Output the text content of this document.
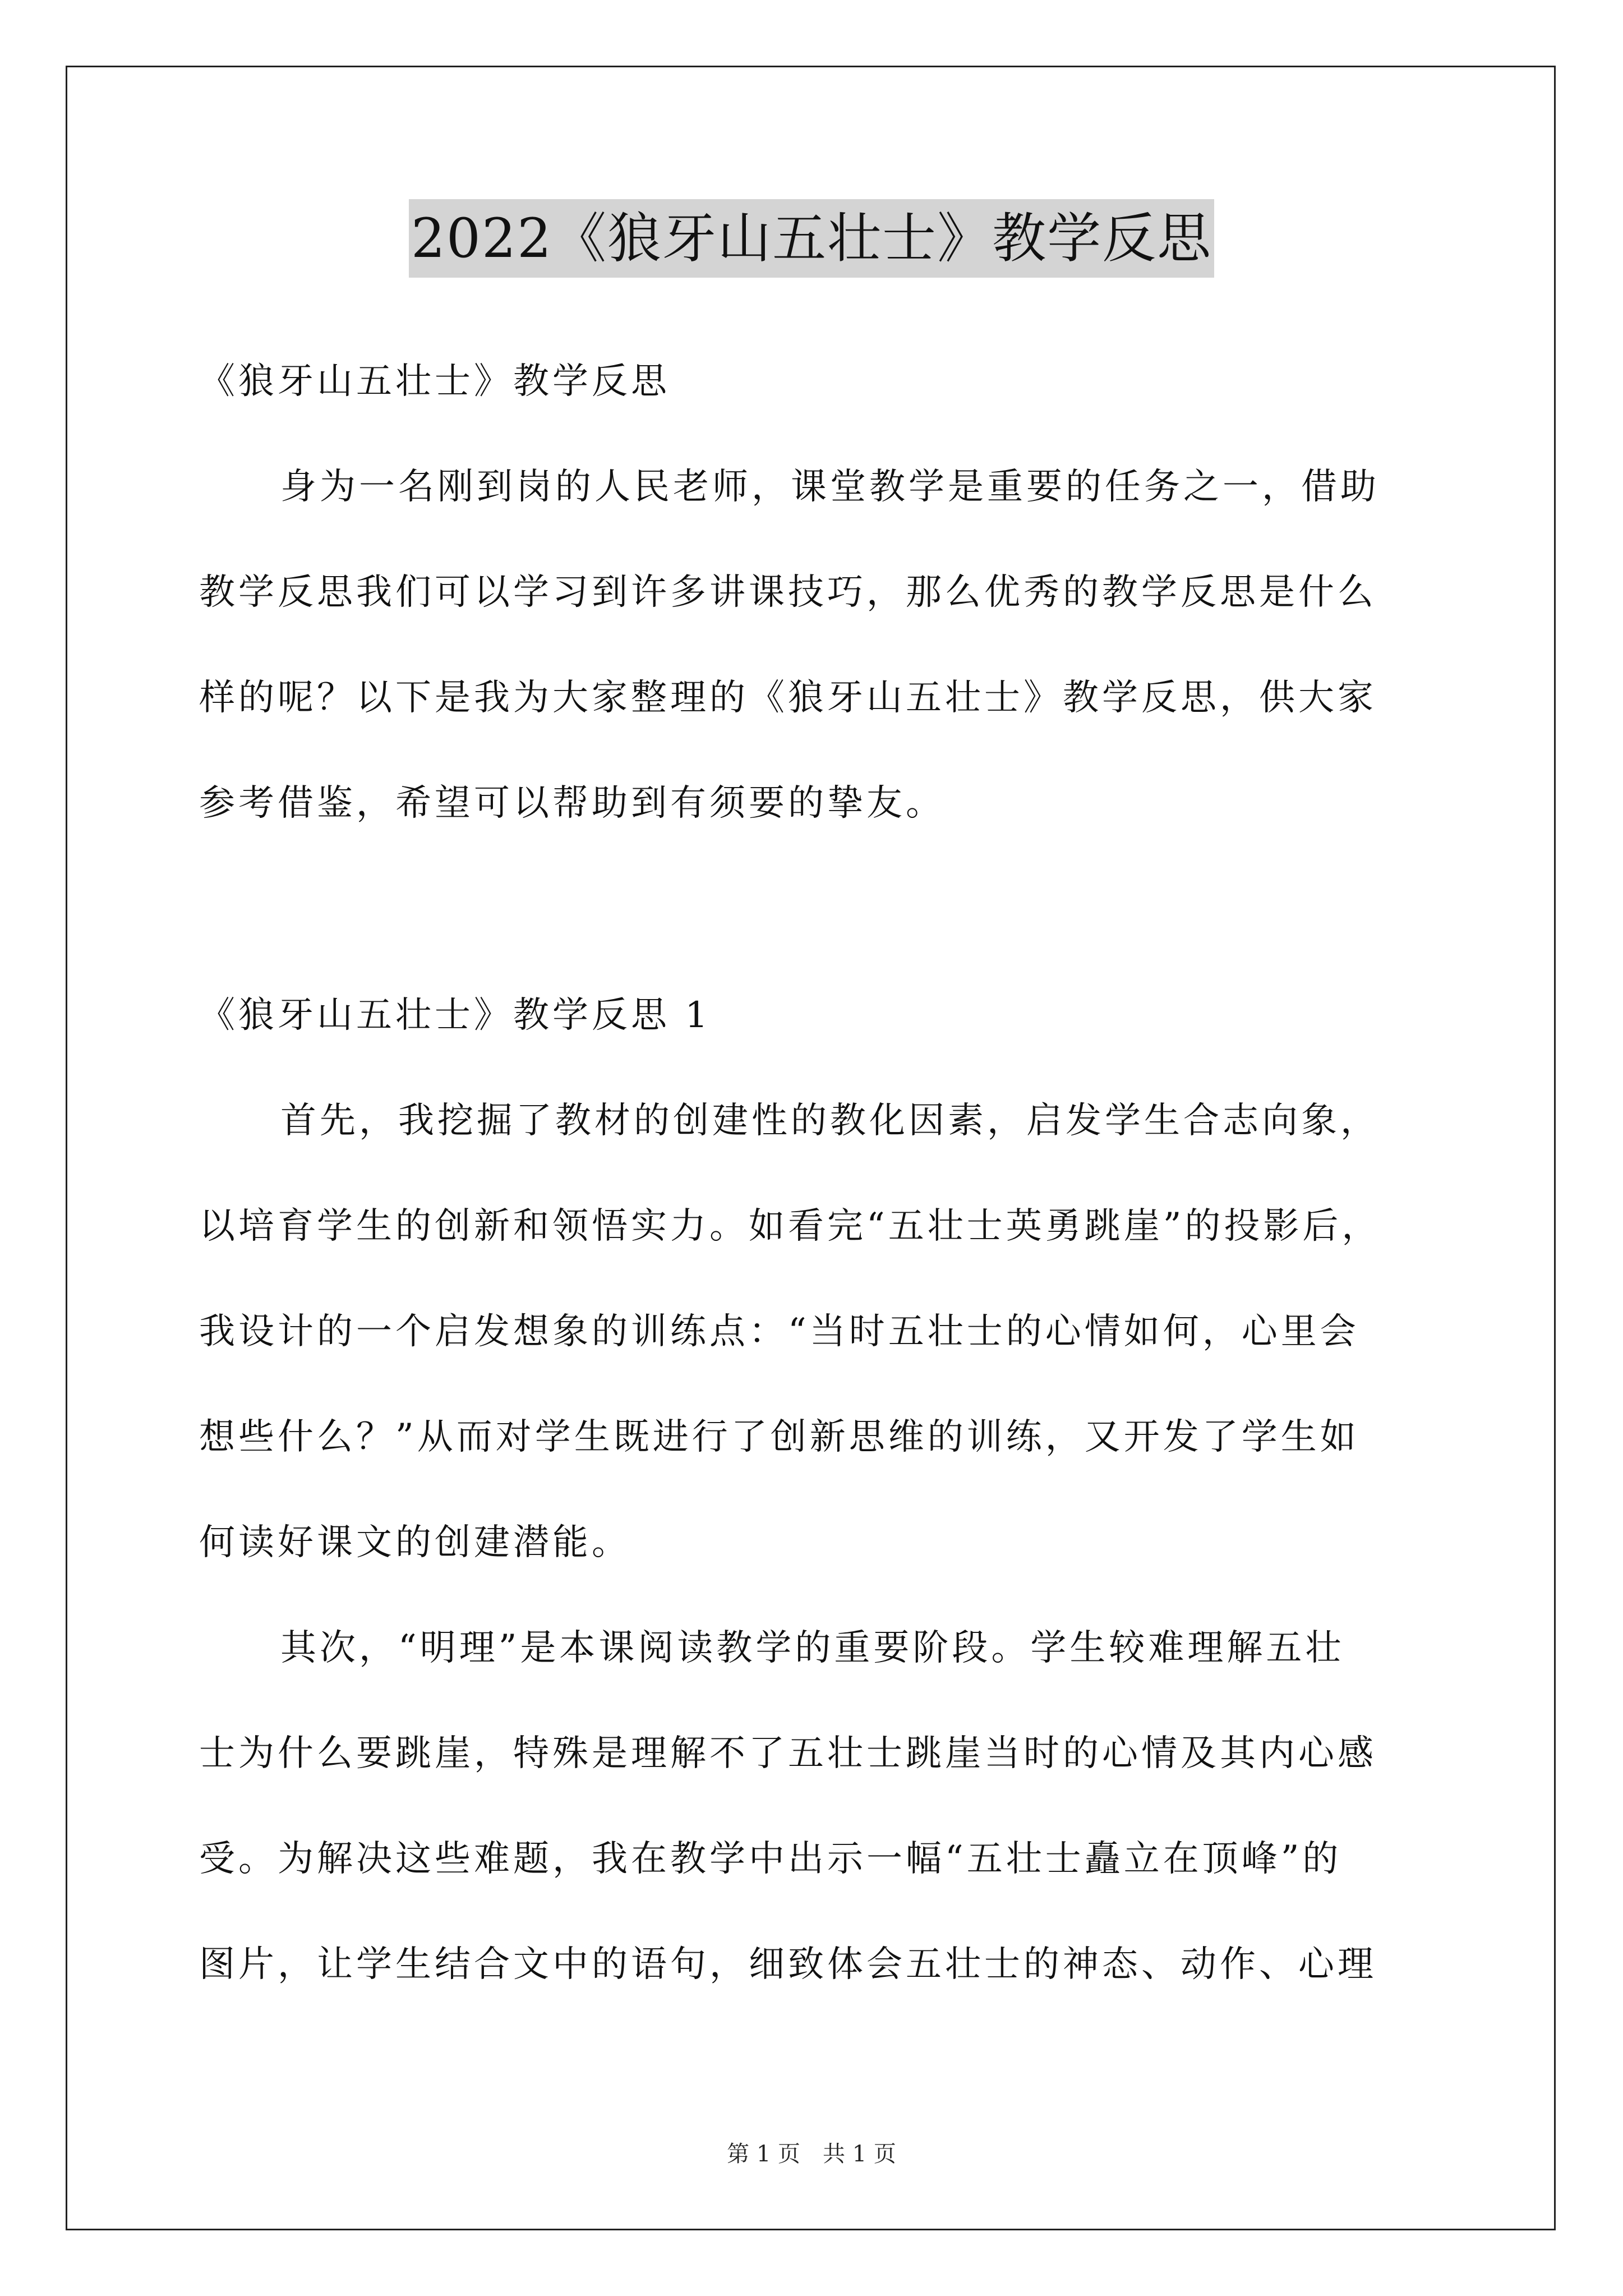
2022《狼牙山五壮士》教学反思
《狼牙山五壮士》教学反思
身为一名刚到岗的人民老师，课堂教学是重要的任务之一，借助
教学反思我们可以学习到许多讲课技巧，那么优秀的教学反思是什么
样的呢？以下是我为大家整理的《狼牙山五壮士》教学反思，供大家
参考借鉴，希望可以帮助到有须要的挚友。
《狼牙山五壮士》教学反思 1
首先，我挖掘了教材的创建性的教化因素，启发学生合志向象，
以培育学生的创新和领悟实力。如看完“五壮士英勇跳崖”的投影后，
我设计的一个启发想象的训练点：“当时五壮士的心情如何，心里会
想些什么？”从而对学生既进行了创新思维的训练，又开发了学生如
何读好课文的创建潜能。
其次，“明理”是本课阅读教学的重要阶段。学生较难理解五壮
士为什么要跳崖，特殊是理解不了五壮士跳崖当时的心情及其内心感
受。为解决这些难题，我在教学中出示一幅“五壮士矗立在顶峰”的
图片，让学生结合文中的语句，细致体会五壮士的神态、动作、心理
第 1 页　共 1 页
